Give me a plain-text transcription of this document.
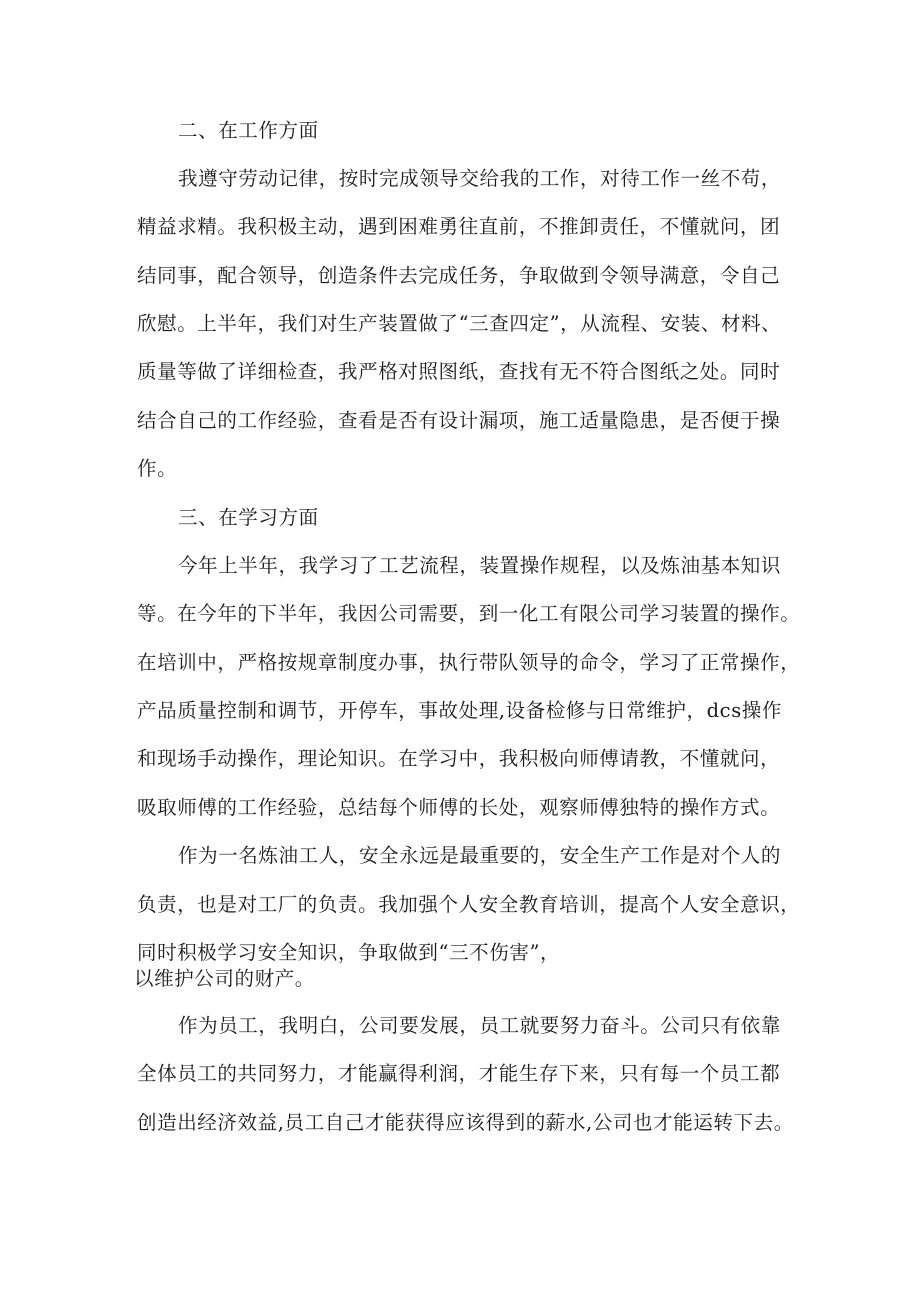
二、在工作方面
我遵守劳动记律，按时完成领导交给我的工作，对待工作一丝不苟，
精益求精。我积极主动，遇到困难勇往直前，不推卸责任，不懂就问，团
结同事，配合领导，创造条件去完成任务，争取做到令领导满意，令自己
欣慰。上半年，我们对生产装置做了“三查四定”，从流程、安装、材料、
质量等做了详细检查，我严格对照图纸，查找有无不符合图纸之处。同时
结合自己的工作经验，查看是否有设计漏项，施工适量隐患，是否便于操
作。
三、在学习方面
今年上半年，我学习了工艺流程，装置操作规程，以及炼油基本知识
等。在今年的下半年，我因公司需要，到一化工有限公司学习装置的操作。
在培训中，严格按规章制度办事，执行带队领导的命令，学习了正常操作，
产品质量控制和调节，开停车，事故处理,设备检修与日常维护，dcs操作
和现场手动操作，理论知识。在学习中，我积极向师傅请教，不懂就问，
吸取师傅的工作经验，总结每个师傅的长处，观察师傅独特的操作方式。
作为一名炼油工人，安全永远是最重要的，安全生产工作是对个人的
负责，也是对工厂的负责。我加强个人安全教育培训，提高个人安全意识，
同时积极学习安全知识，争取做到“三不伤害”，
以维护公司的财产。
作为员工，我明白，公司要发展，员工就要努力奋斗。公司只有依靠
全体员工的共同努力，才能赢得利润，才能生存下来，只有每一个员工都
创造出经济效益,员工自己才能获得应该得到的薪水,公司也才能运转下去。
